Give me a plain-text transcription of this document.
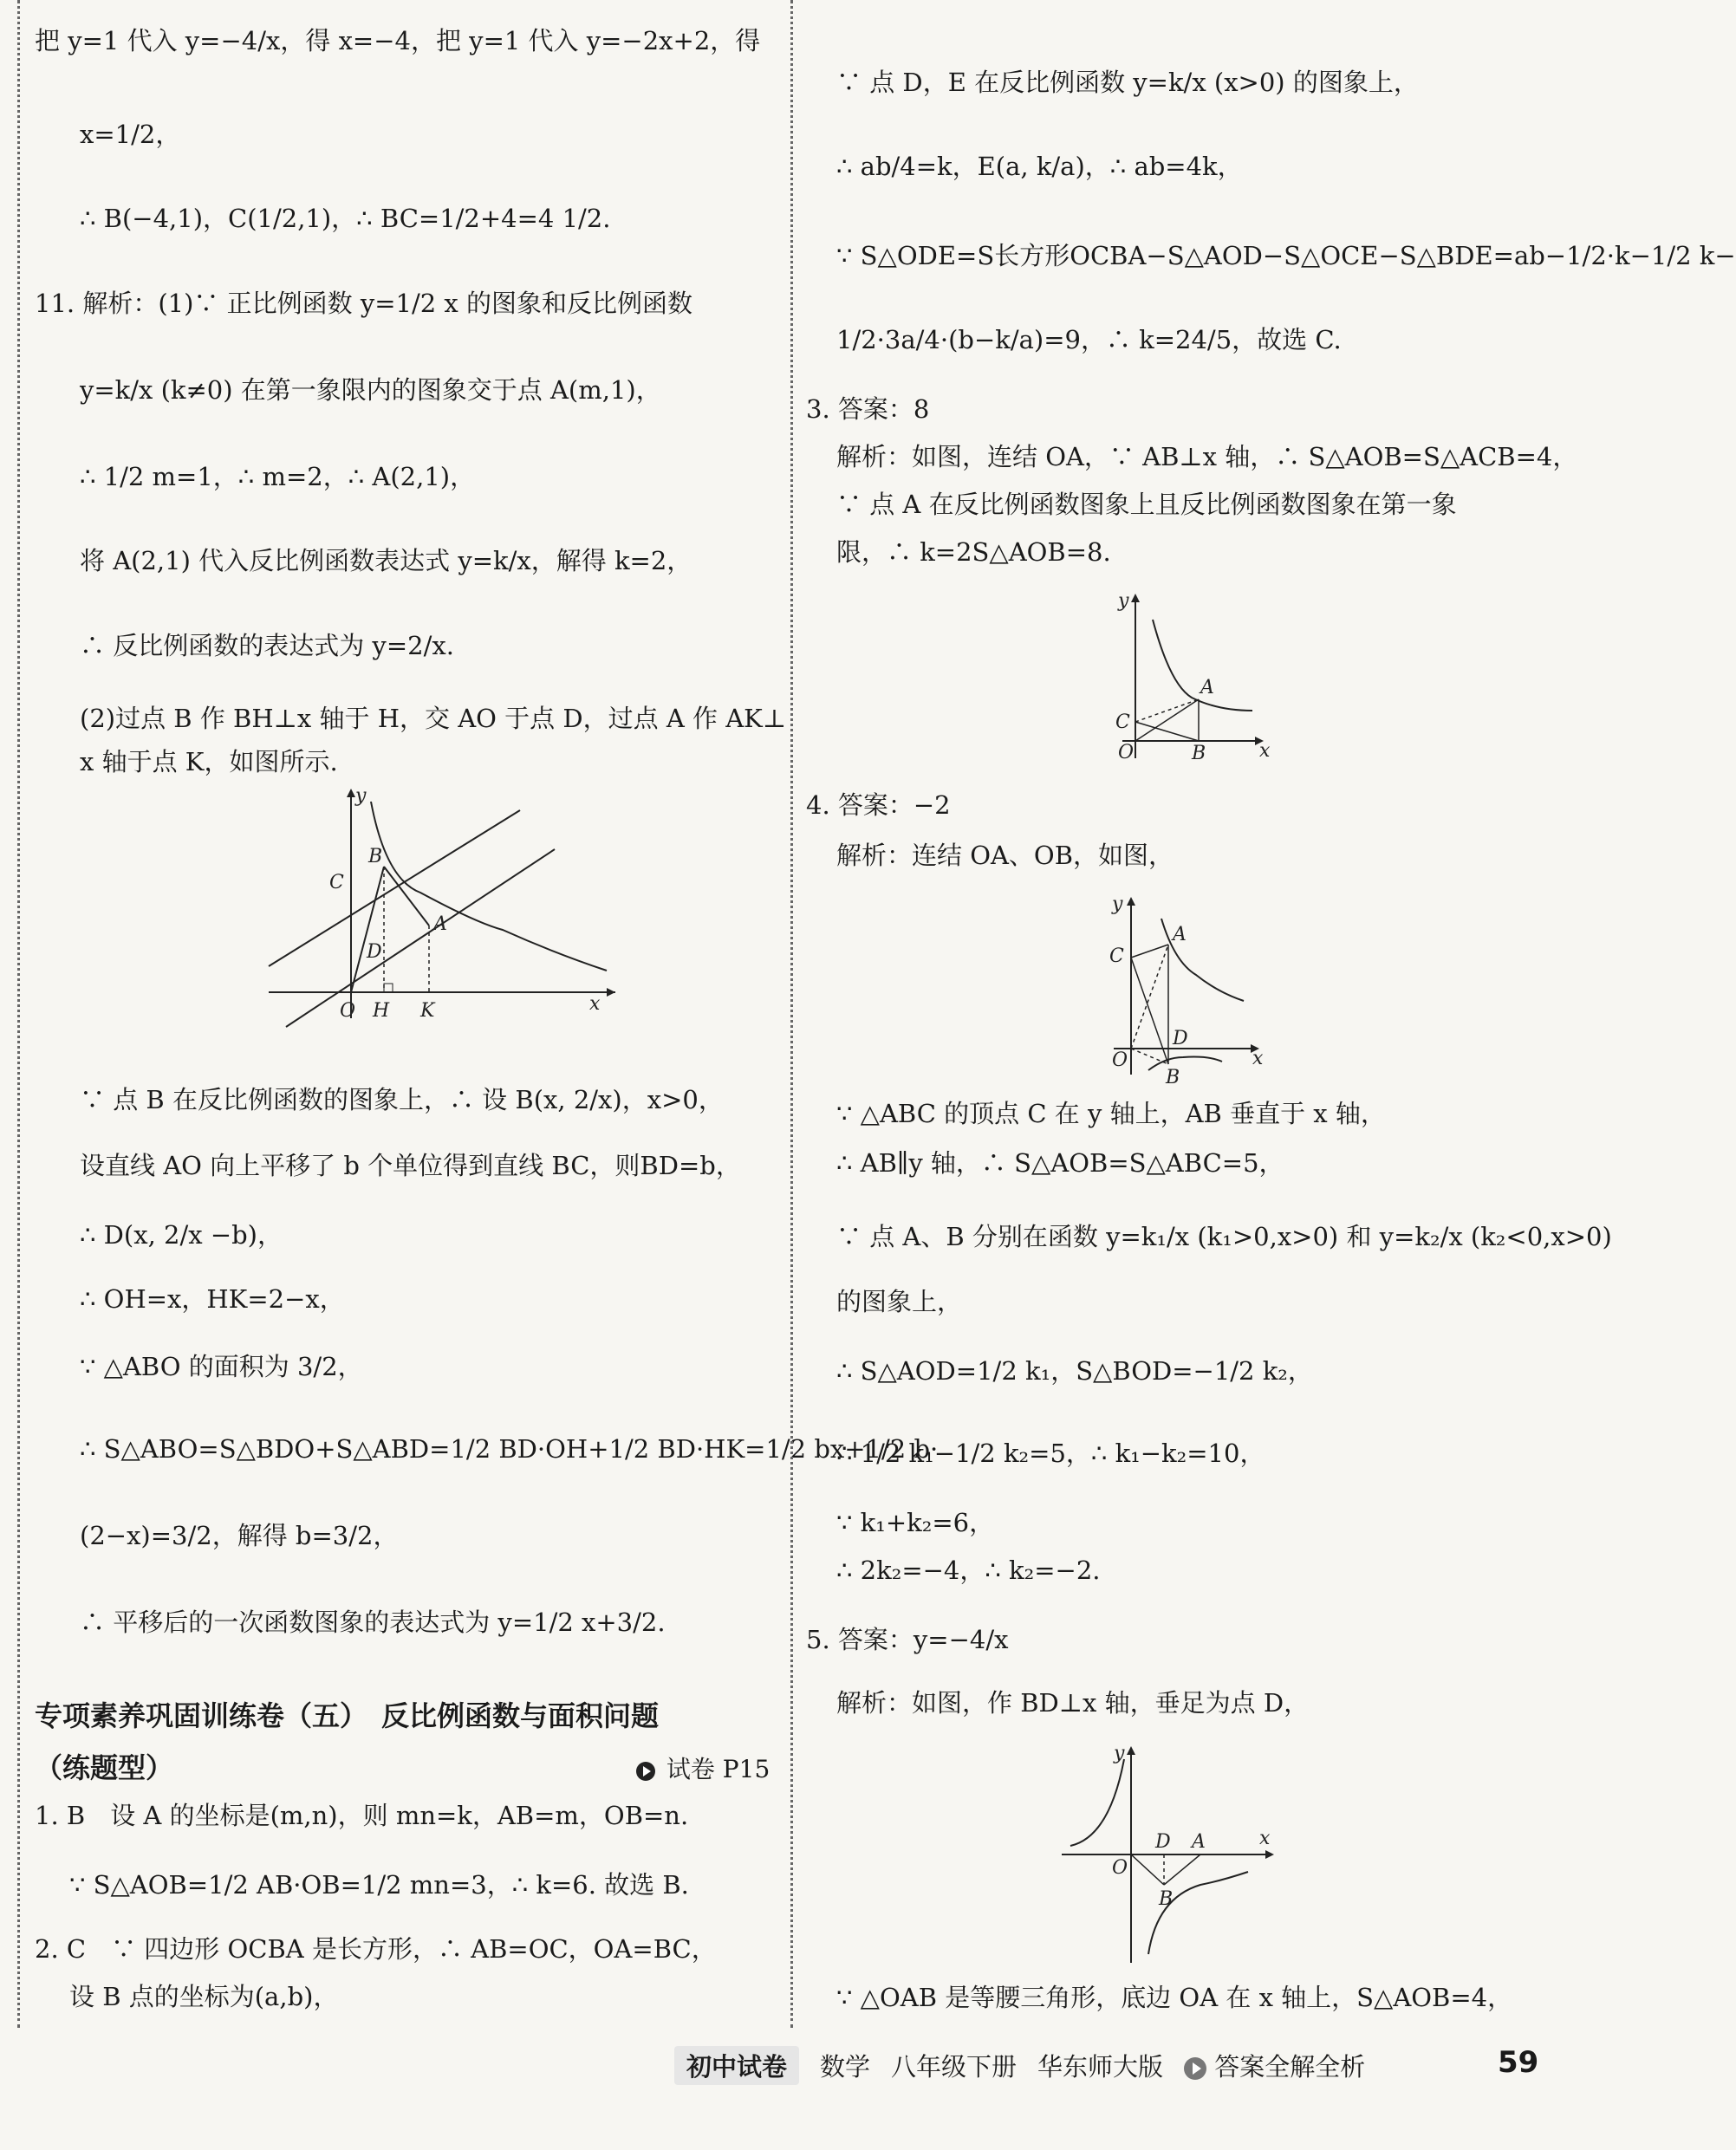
把 y=1 代入 y=−4/x，得 x=−4，把 y=1 代入 y=−2x+2，得
x=1/2，
∴ B(−4,1)，C(1/2,1)，∴ BC=1/2+4=4 1/2.
11. 解析：(1)∵ 正比例函数 y=1/2 x 的图象和反比例函数
y=k/x (k≠0) 在第一象限内的图象交于点 A(m,1)，
∴ 1/2 m=1，∴ m=2，∴ A(2,1)，
将 A(2,1) 代入反比例函数表达式 y=k/x，解得 k=2，
∴ 反比例函数的表达式为 y=2/x.
(2)过点 B 作 BH⊥x 轴于 H，交 AO 于点 D，过点 A 作 AK⊥
x 轴于点 K，如图所示.
y
B
C
D
A
O H K	x
∵ 点 B 在反比例函数的图象上，∴ 设 B(x, 2/x)，x>0，
设直线 AO 向上平移了 b 个单位得到直线 BC，则BD=b，
∴ D(x, 2/x −b)，
∴ OH=x，HK=2−x，
∵ △ABO 的面积为 3/2，
∴ S△ABO=S△BDO+S△ABD=1/2 BD·OH+1/2 BD·HK=1/2 bx+1/2 b·
(2−x)=3/2，解得 b=3/2，
∴ 平移后的一次函数图象的表达式为 y=1/2 x+3/2.
专项素养巩固训练卷（五）　反比例函数与面积问题
（练题型）	试卷 P15
1. B　设 A 的坐标是(m,n)，则 mn=k，AB=m，OB=n.
∵ S△AOB=1/2 AB·OB=1/2 mn=3，∴ k=6. 故选 B.
2. C　∵ 四边形 OCBA 是长方形，∴ AB=OC，OA=BC，
设 B 点的坐标为(a,b)，
∵ 点 D，E 在反比例函数 y=k/x (x>0) 的图象上，
∴ ab/4=k，E(a, k/a)，∴ ab=4k，
∵ S△ODE=S长方形OCBA−S△AOD−S△OCE−S△BDE=ab−1/2·k−1/2 k−
1/2·3a/4·(b−k/a)=9，∴ k=24/5，故选 C.
3. 答案：8
解析：如图，连结 OA，∵ AB⊥x 轴，∴ S△AOB=S△ACB=4，
∵ 点 A 在反比例函数图象上且反比例函数图象在第一象
限，∴ k=2S△AOB=8.
y
A
C
O	B	x
4. 答案：−2
解析：连结 OA、OB，如图，
y
A
C
D
O
B
x
∵ △ABC 的顶点 C 在 y 轴上，AB 垂直于 x 轴，
∴ AB∥y 轴，∴ S△AOB=S△ABC=5，
∵ 点 A、B 分别在函数 y=k₁/x (k₁>0,x>0) 和 y=k₂/x (k₂<0,x>0)
的图象上，
∴ S△AOD=1/2 k₁，S△BOD=−1/2 k₂，
∴ 1/2 k₁−1/2 k₂=5，∴ k₁−k₂=10，
∵ k₁+k₂=6，
∴ 2k₂=−4，∴ k₂=−2.
5. 答案：y=−4/x
解析：如图，作 BD⊥x 轴，垂足为点 D，
y
D A	x
O
B
∵ △OAB 是等腰三角形，底边 OA 在 x 轴上，S△AOB=4，
初中试卷	数学 八年级下册 华东师大版	答案全解全析	59
